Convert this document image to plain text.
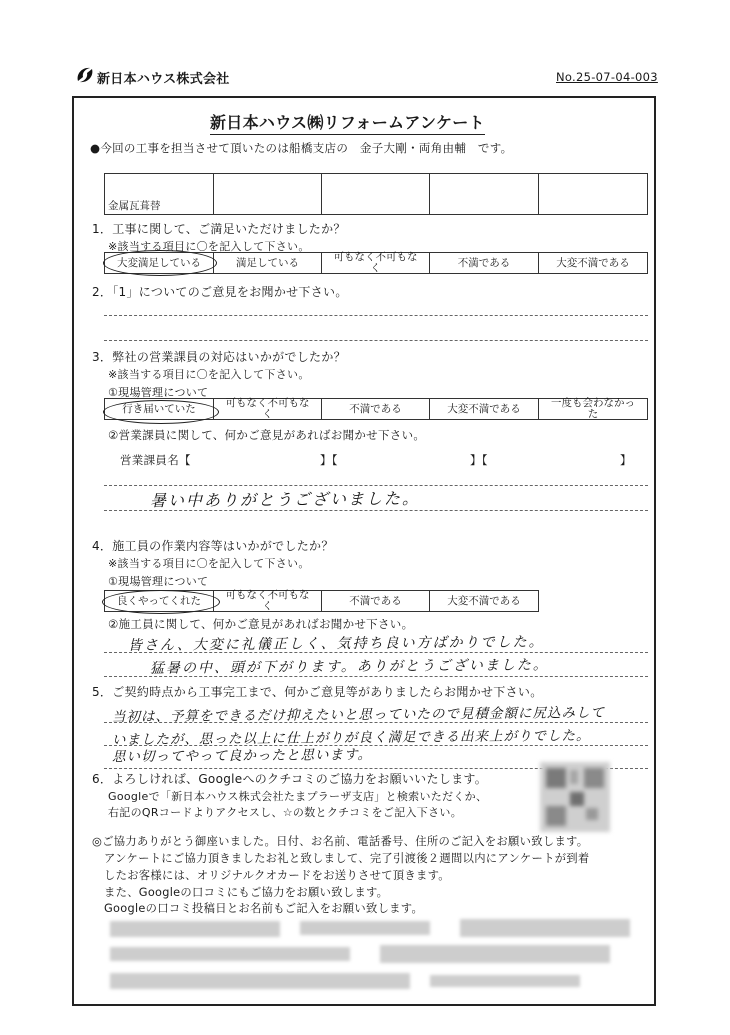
新日本ハウス株式会社	No.25-07-04-003
新日本ハウス㈱リフォームアンケート
●今回の工事を担当させて頂いたのは船橋支店の　金子大剛・両角由輔　です。
金属瓦葺替
1．工事に関して、ご満足いただけましたか？
※該当する項目に〇を記入して下さい。
大変満足している	満足している	可もなく不可もな
く	不満である	大変不満である
2．「1」についてのご意見をお聞かせ下さい。
3．弊社の営業課員の対応はいかがでしたか？
※該当する項目に〇を記入して下さい。
①現場管理について
行き届いていた	可もなく不可もな
く	不満である	大変不満である	一度も会わなかっ
た
②営業課員に関して、何かご意見があればお聞かせ下さい。
営業課員名【	】【	】【	】
暑い中ありがとうございました。
4．施工員の作業内容等はいかがでしたか？
※該当する項目に〇を記入して下さい。
①現場管理について
良くやってくれた 可もなく不可もな
く	不満である	大変不満である
②施工員に関して、何かご意見があればお聞かせ下さい。
皆さん、大変に礼儀正しく、気持ち良い方ばかりでした。
猛暑の中、頭が下がります。ありがとうございました。
5．ご契約時点から工事完工まで、何かご意見等がありましたらお聞かせ下さい。
当初は、予算をできるだけ抑えたいと思っていたので見積金額に尻込みして
いましたが、思った以上に仕上がりが良く満足できる出来上がりでした。
思い切ってやって良かったと思います。
6．よろしければ、Googleへのクチコミのご協力をお願いいたします。
Googleで「新日本ハウス株式会社たまプラーザ支店」と検索いただくか、
右記のQRコードよりアクセスし、☆の数とクチコミをご記入下さい。
◎ご協力ありがとう御座いました。日付、お名前、電話番号、住所のご記入をお願い致します。
アンケートにご協力頂きましたお礼と致しまして、完了引渡後２週間以内にアンケートが到着
したお客様には、オリジナルクオカードをお送りさせて頂きます。
また、Googleの口コミにもご協力をお願い致します。
Googleの口コミ投稿日とお名前もご記入をお願い致します。
